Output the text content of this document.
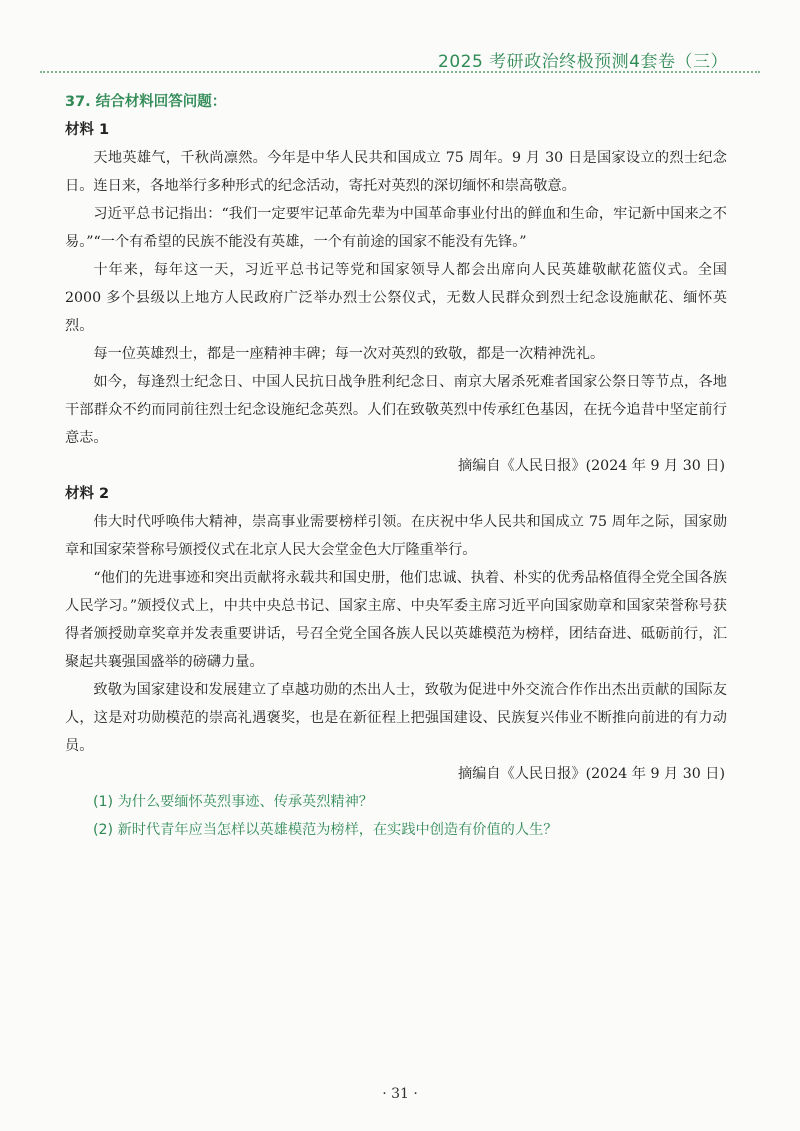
2025 考研政治终极预测4套卷（三）
37. 结合材料回答问题：
材料 1

天地英雄气，千秋尚凛然。今年是中华人民共和国成立 75 周年。9 月 30 日是国家设立的烈士纪念日。连日来，各地举行多种形式的纪念活动，寄托对英烈的深切缅怀和崇高敬意。

习近平总书记指出：“我们一定要牢记革命先辈为中国革命事业付出的鲜血和生命，牢记新中国来之不易。”“一个有希望的民族不能没有英雄，一个有前途的国家不能没有先锋。”

十年来，每年这一天，习近平总书记等党和国家领导人都会出席向人民英雄敬献花篮仪式。全国 2000 多个县级以上地方人民政府广泛举办烈士公祭仪式，无数人民群众到烈士纪念设施献花、缅怀英烈。

每一位英雄烈士，都是一座精神丰碑；每一次对英烈的致敬，都是一次精神洗礼。

如今，每逢烈士纪念日、中国人民抗日战争胜利纪念日、南京大屠杀死难者国家公祭日等节点，各地干部群众不约而同前往烈士纪念设施纪念英烈。人们在致敬英烈中传承红色基因，在抚今追昔中坚定前行意志。

摘编自《人民日报》(2024 年 9 月 30 日)

材料 2

伟大时代呼唤伟大精神，崇高事业需要榜样引领。在庆祝中华人民共和国成立 75 周年之际，国家勋章和国家荣誉称号颁授仪式在北京人民大会堂金色大厅隆重举行。

“他们的先进事迹和突出贡献将永载共和国史册，他们忠诚、执着、朴实的优秀品格值得全党全国各族人民学习。”颁授仪式上，中共中央总书记、国家主席、中央军委主席习近平向国家勋章和国家荣誉称号获得者颁授勋章奖章并发表重要讲话，号召全党全国各族人民以英雄模范为榜样，团结奋进、砥砺前行，汇聚起共襄强国盛举的磅礴力量。

致敬为国家建设和发展建立了卓越功勋的杰出人士，致敬为促进中外交流合作作出杰出贡献的国际友人，这是对功勋模范的崇高礼遇褒奖，也是在新征程上把强国建设、民族复兴伟业不断推向前进的有力动员。

摘编自《人民日报》(2024 年 9 月 30 日)

(1) 为什么要缅怀英烈事迹、传承英烈精神？

(2) 新时代青年应当怎样以英雄模范为榜样，在实践中创造有价值的人生？

· 31 ·
